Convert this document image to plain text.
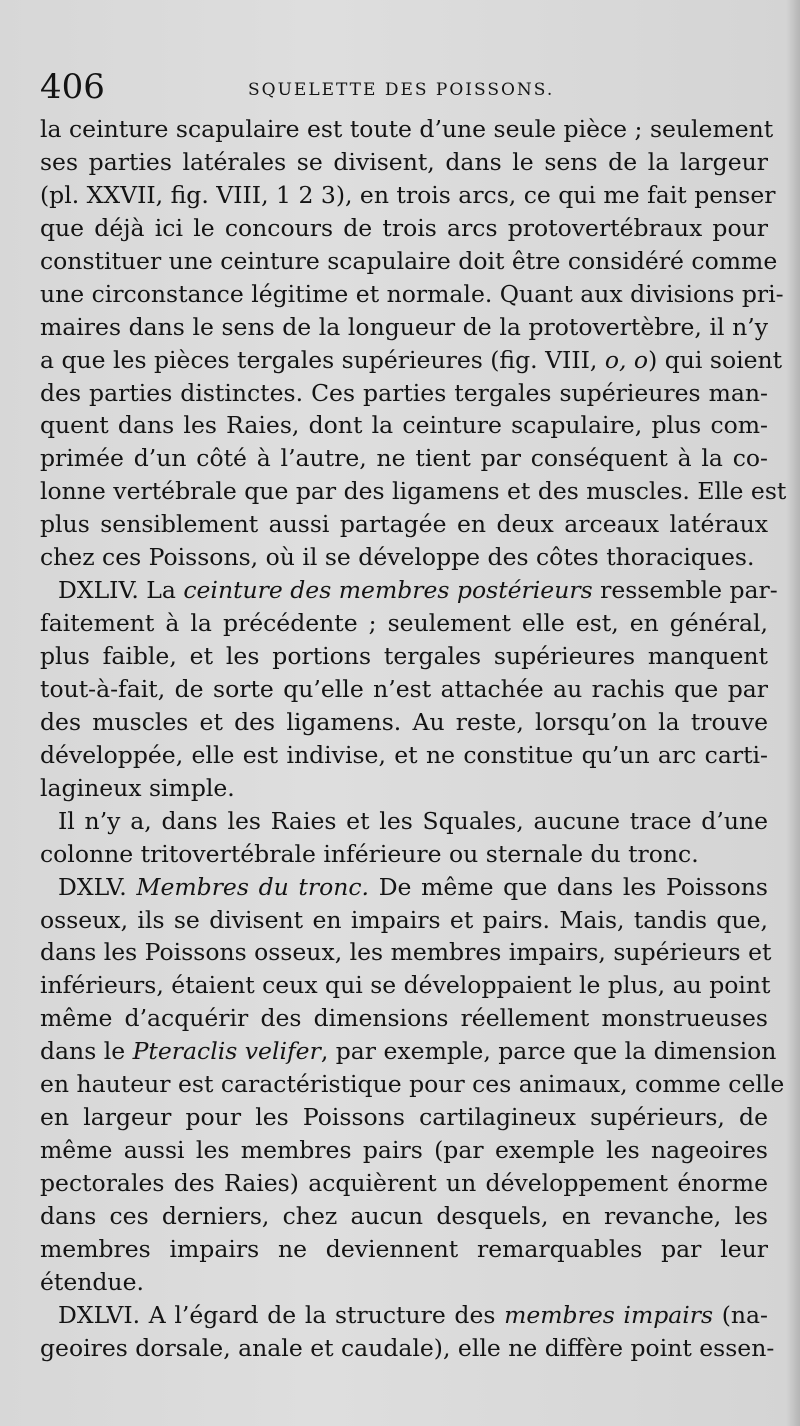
406	SQUELETTE DES POISSONS.
la ceinture scapulaire est toute d’une seule pièce ; seulement
ses parties latérales se divisent, dans le sens de la largeur
(pl. XXVII, fig. VIII, 1 2 3), en trois arcs, ce qui me fait penser
que déjà ici le concours de trois arcs protovertébraux pour
constituer une ceinture scapulaire doit être considéré comme
une circonstance légitime et normale. Quant aux divisions pri-
maires dans le sens de la longueur de la protovertèbre, il n’y
a que les pièces tergales supérieures (fig. VIII, o, o) qui soient
des parties distinctes. Ces parties tergales supérieures man-
quent dans les Raies, dont la ceinture scapulaire, plus com-
primée d’un côté à l’autre, ne tient par conséquent à la co-
lonne vertébrale que par des ligamens et des muscles. Elle est
plus sensiblement aussi partagée en deux arceaux latéraux
chez ces Poissons, où il se développe des côtes thoraciques.
DXLIV. La ceinture des membres postérieurs ressemble par-
faitement à la précédente ; seulement elle est, en général,
plus faible, et les portions tergales supérieures manquent
tout-à-fait, de sorte qu’elle n’est attachée au rachis que par
des muscles et des ligamens. Au reste, lorsqu’on la trouve
développée, elle est indivise, et ne constitue qu’un arc carti-
lagineux simple.
Il n’y a, dans les Raies et les Squales, aucune trace d’une
colonne tritovertébrale inférieure ou sternale du tronc.
DXLV. Membres du tronc. De même que dans les Poissons
osseux, ils se divisent en impairs et pairs. Mais, tandis que,
dans les Poissons osseux, les membres impairs, supérieurs et
inférieurs, étaient ceux qui se développaient le plus, au point
même d’acquérir des dimensions réellement monstrueuses
dans le Pteraclis velifer, par exemple, parce que la dimension
en hauteur est caractéristique pour ces animaux, comme celle
en largeur pour les Poissons cartilagineux supérieurs, de
même aussi les membres pairs (par exemple les nageoires
pectorales des Raies) acquièrent un développement énorme
dans ces derniers, chez aucun desquels, en revanche, les
membres impairs ne deviennent remarquables par leur
étendue.
DXLVI. A l’égard de la structure des membres impairs (na-
geoires dorsale, anale et caudale), elle ne diffère point essen-
